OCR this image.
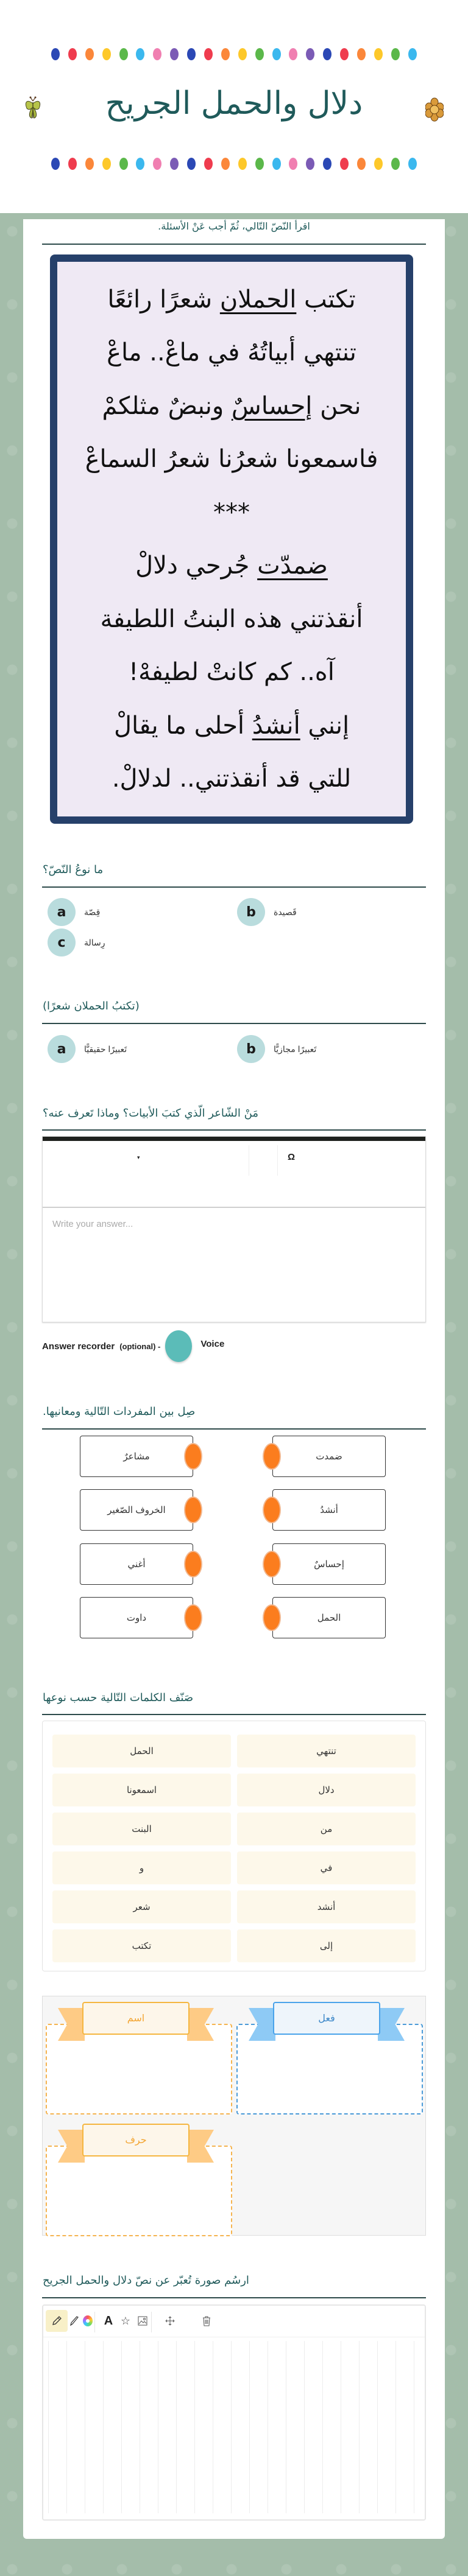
دلال والحمل الجريح
اقرأ النّصّ التّالي، ثُمّ أجب عَنْ الأسئلة.
تكتب الحملان شعرًا رائعًا
تنتهي أبياتُهُ في ماعْ.. ماعْ
نحن إحساسٌ ونبضٌ مثلكمْ
فاسمعونا شعرُنا شعرُ السماعْ
***
ضمدّت جُرحي دلالْ
أنقذتني هذه البنتُ اللطيفة
آه.. كم كانتْ لطيفهْ!
إنني أنشدُ أحلى ما يقالْ
للتي قد أنقذتني.. لدلالْ.
ما نوعُ النّصّ؟
a	قِصّة	b	قَصيدة
c	رِسالة
(تكتبُ الحملان شعرًا)
a	تَعبيرًا حقيقيًّا	b	تَعبيرًا مجازيًّا
مَنْ الشّاعر الّذي كتبَ الأبيات؟ وماذا تَعرف عنه؟
▾	Ω
Write your answer...
Answer recorder (optional) -	Voice
صِل بين المفردات التّالية ومعانيها.
مشاعرٌ	ضمدت
الخروف الصّغير	أنشدُ
أغني	إحساسٌ
داوت	الحمل
صَنّف الكلمات التّالية حسب نوعها
تنتهي
الحمل
دلال
اسمعونا
من
البنت
في
و
أنشد
شعر
إلى
تكتب
فعل
اسم
حرف
ارسُم صورة تُعبّر عن نصّ دلال والحمل الجريح
A ☆
